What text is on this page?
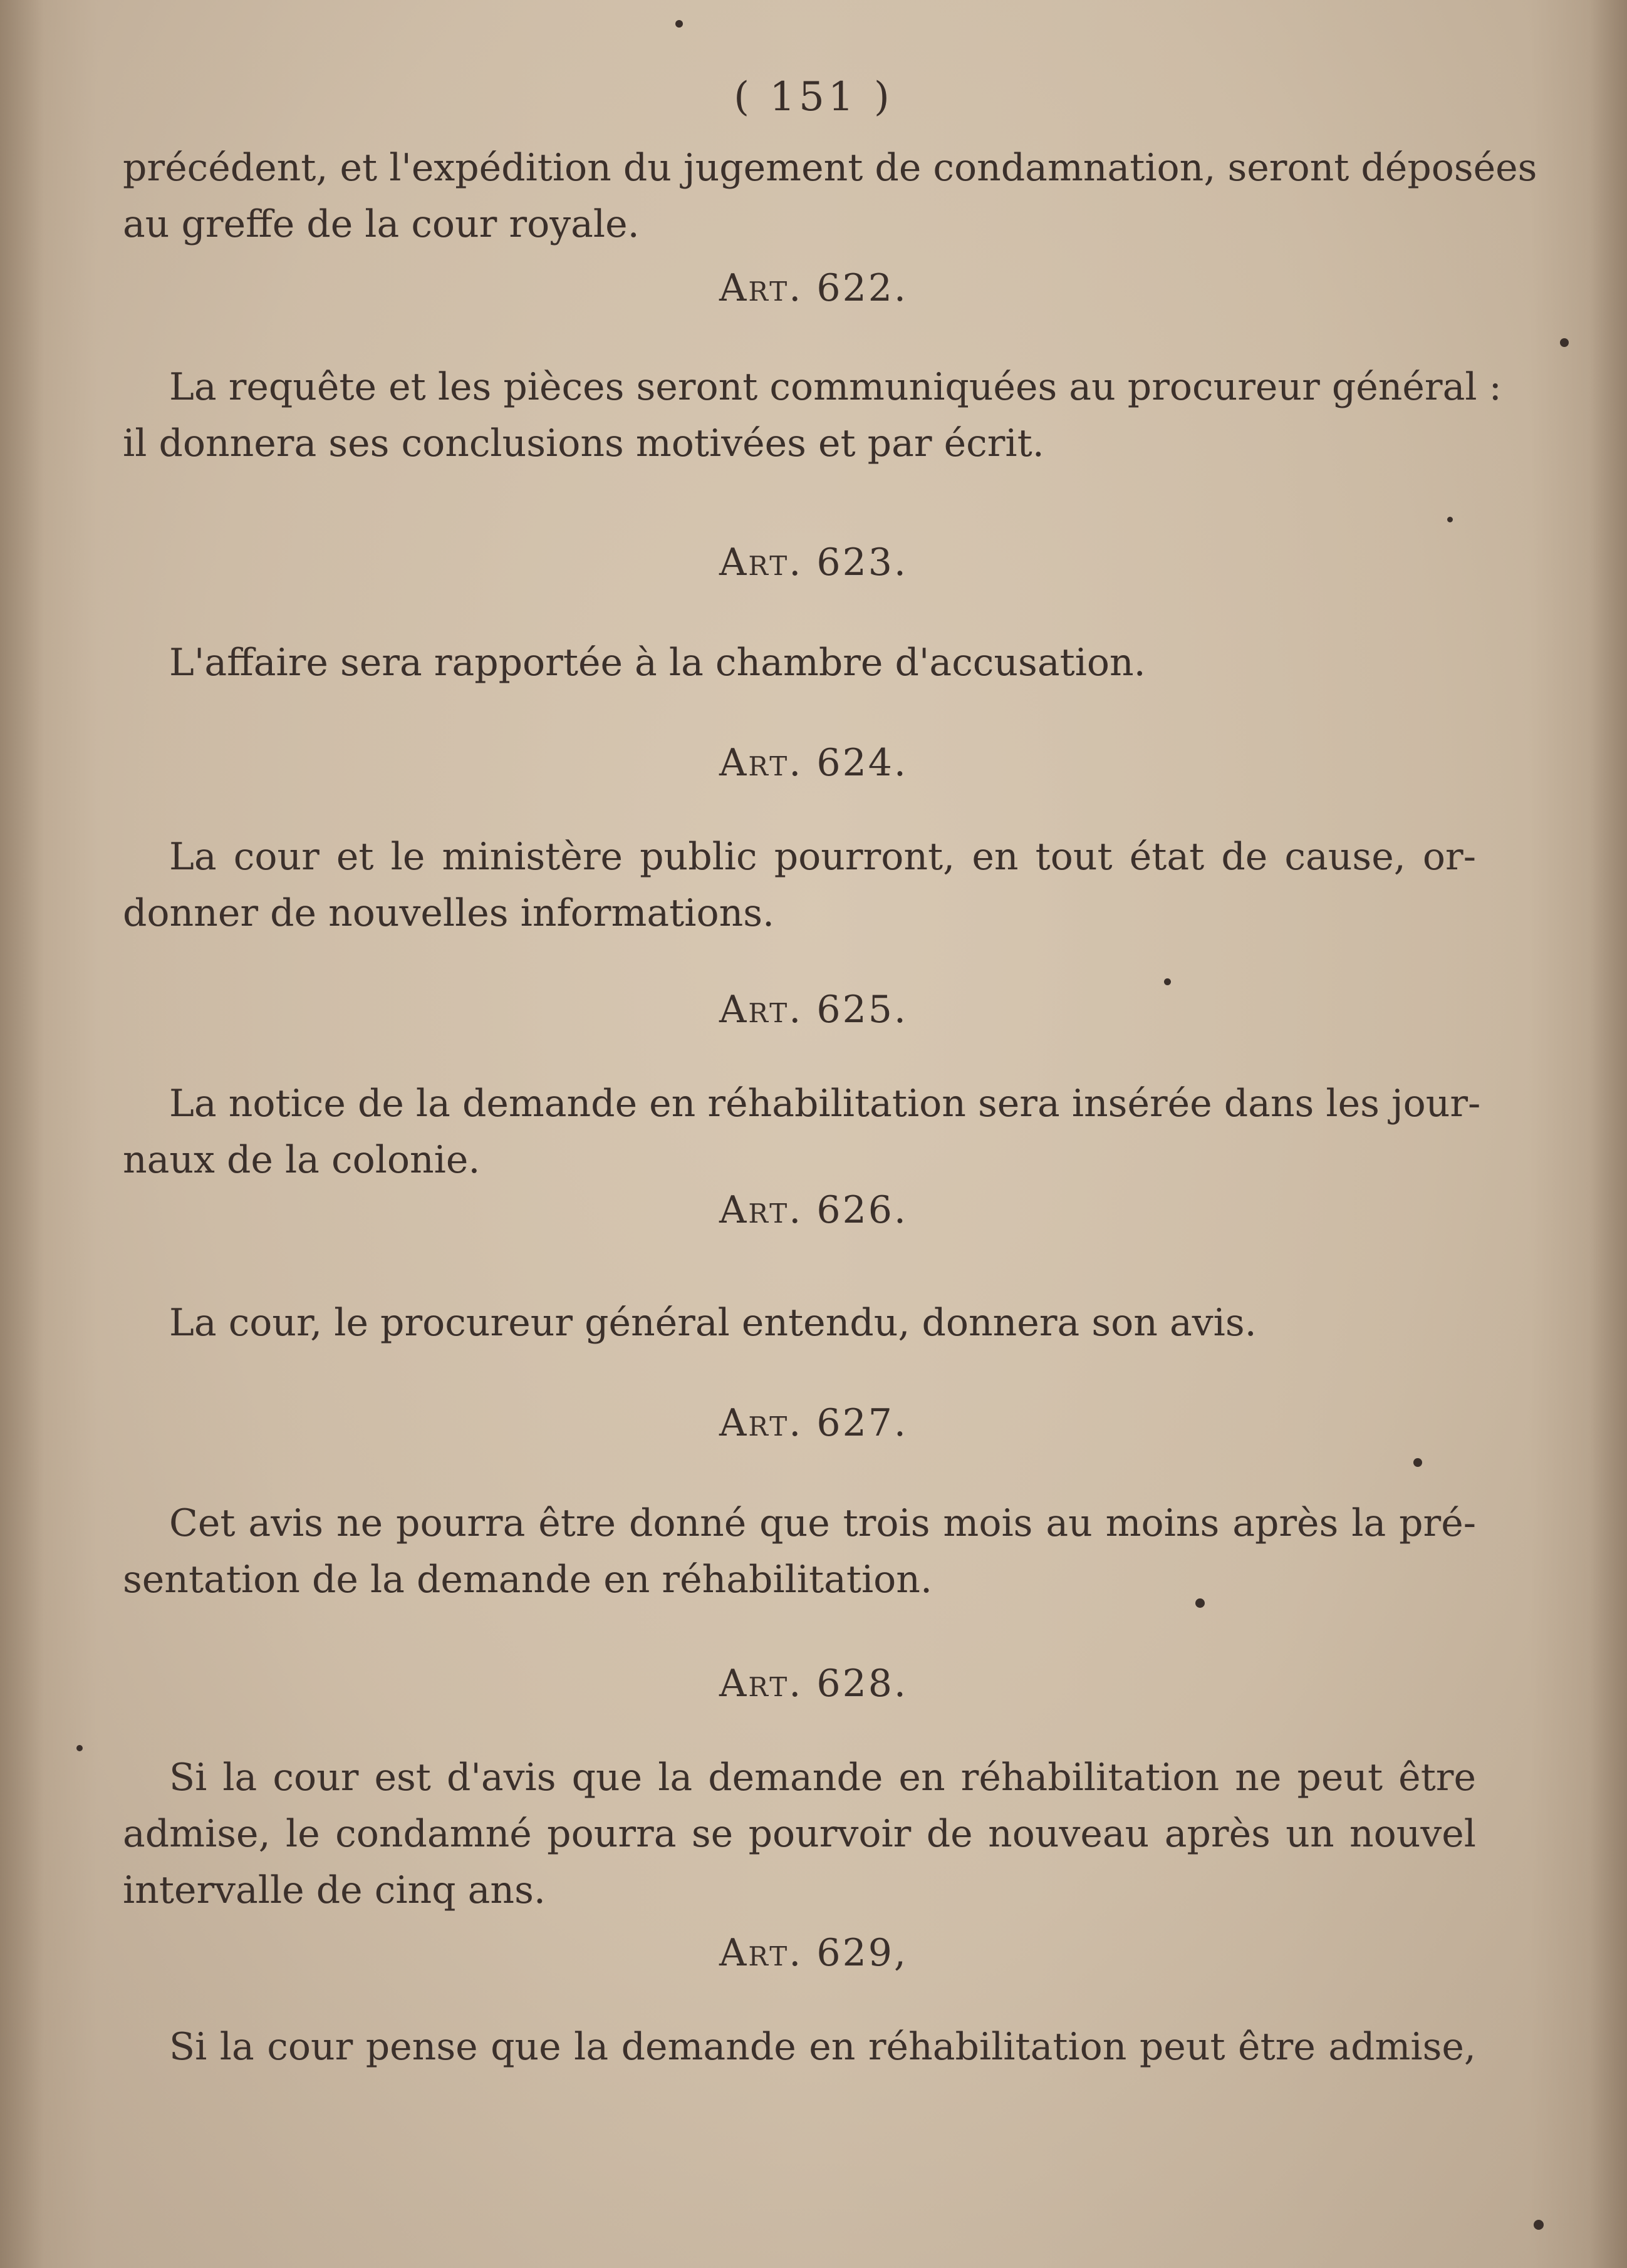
( 151 )
précédent, et l'expédition du jugement de condamnation, seront déposées
au greffe de la cour royale.
Art. 622.
La requête et les pièces seront communiquées au procureur général :
il donnera ses conclusions motivées et par écrit.
Art. 623.
L'affaire sera rapportée à la chambre d'accusation.
Art. 624.
La cour et le ministère public pourront, en tout état de cause, or-
donner de nouvelles informations.
Art. 625.
La notice de la demande en réhabilitation sera insérée dans les jour-
naux de la colonie.
Art. 626.
La cour, le procureur général entendu, donnera son avis.
Art. 627.
Cet avis ne pourra être donné que trois mois au moins après la pré-
sentation de la demande en réhabilitation.
Art. 628.
Si la cour est d'avis que la demande en réhabilitation ne peut être
admise, le condamné pourra se pourvoir de nouveau après un nouvel
intervalle de cinq ans.
Art. 629,
Si la cour pense que la demande en réhabilitation peut être admise,
